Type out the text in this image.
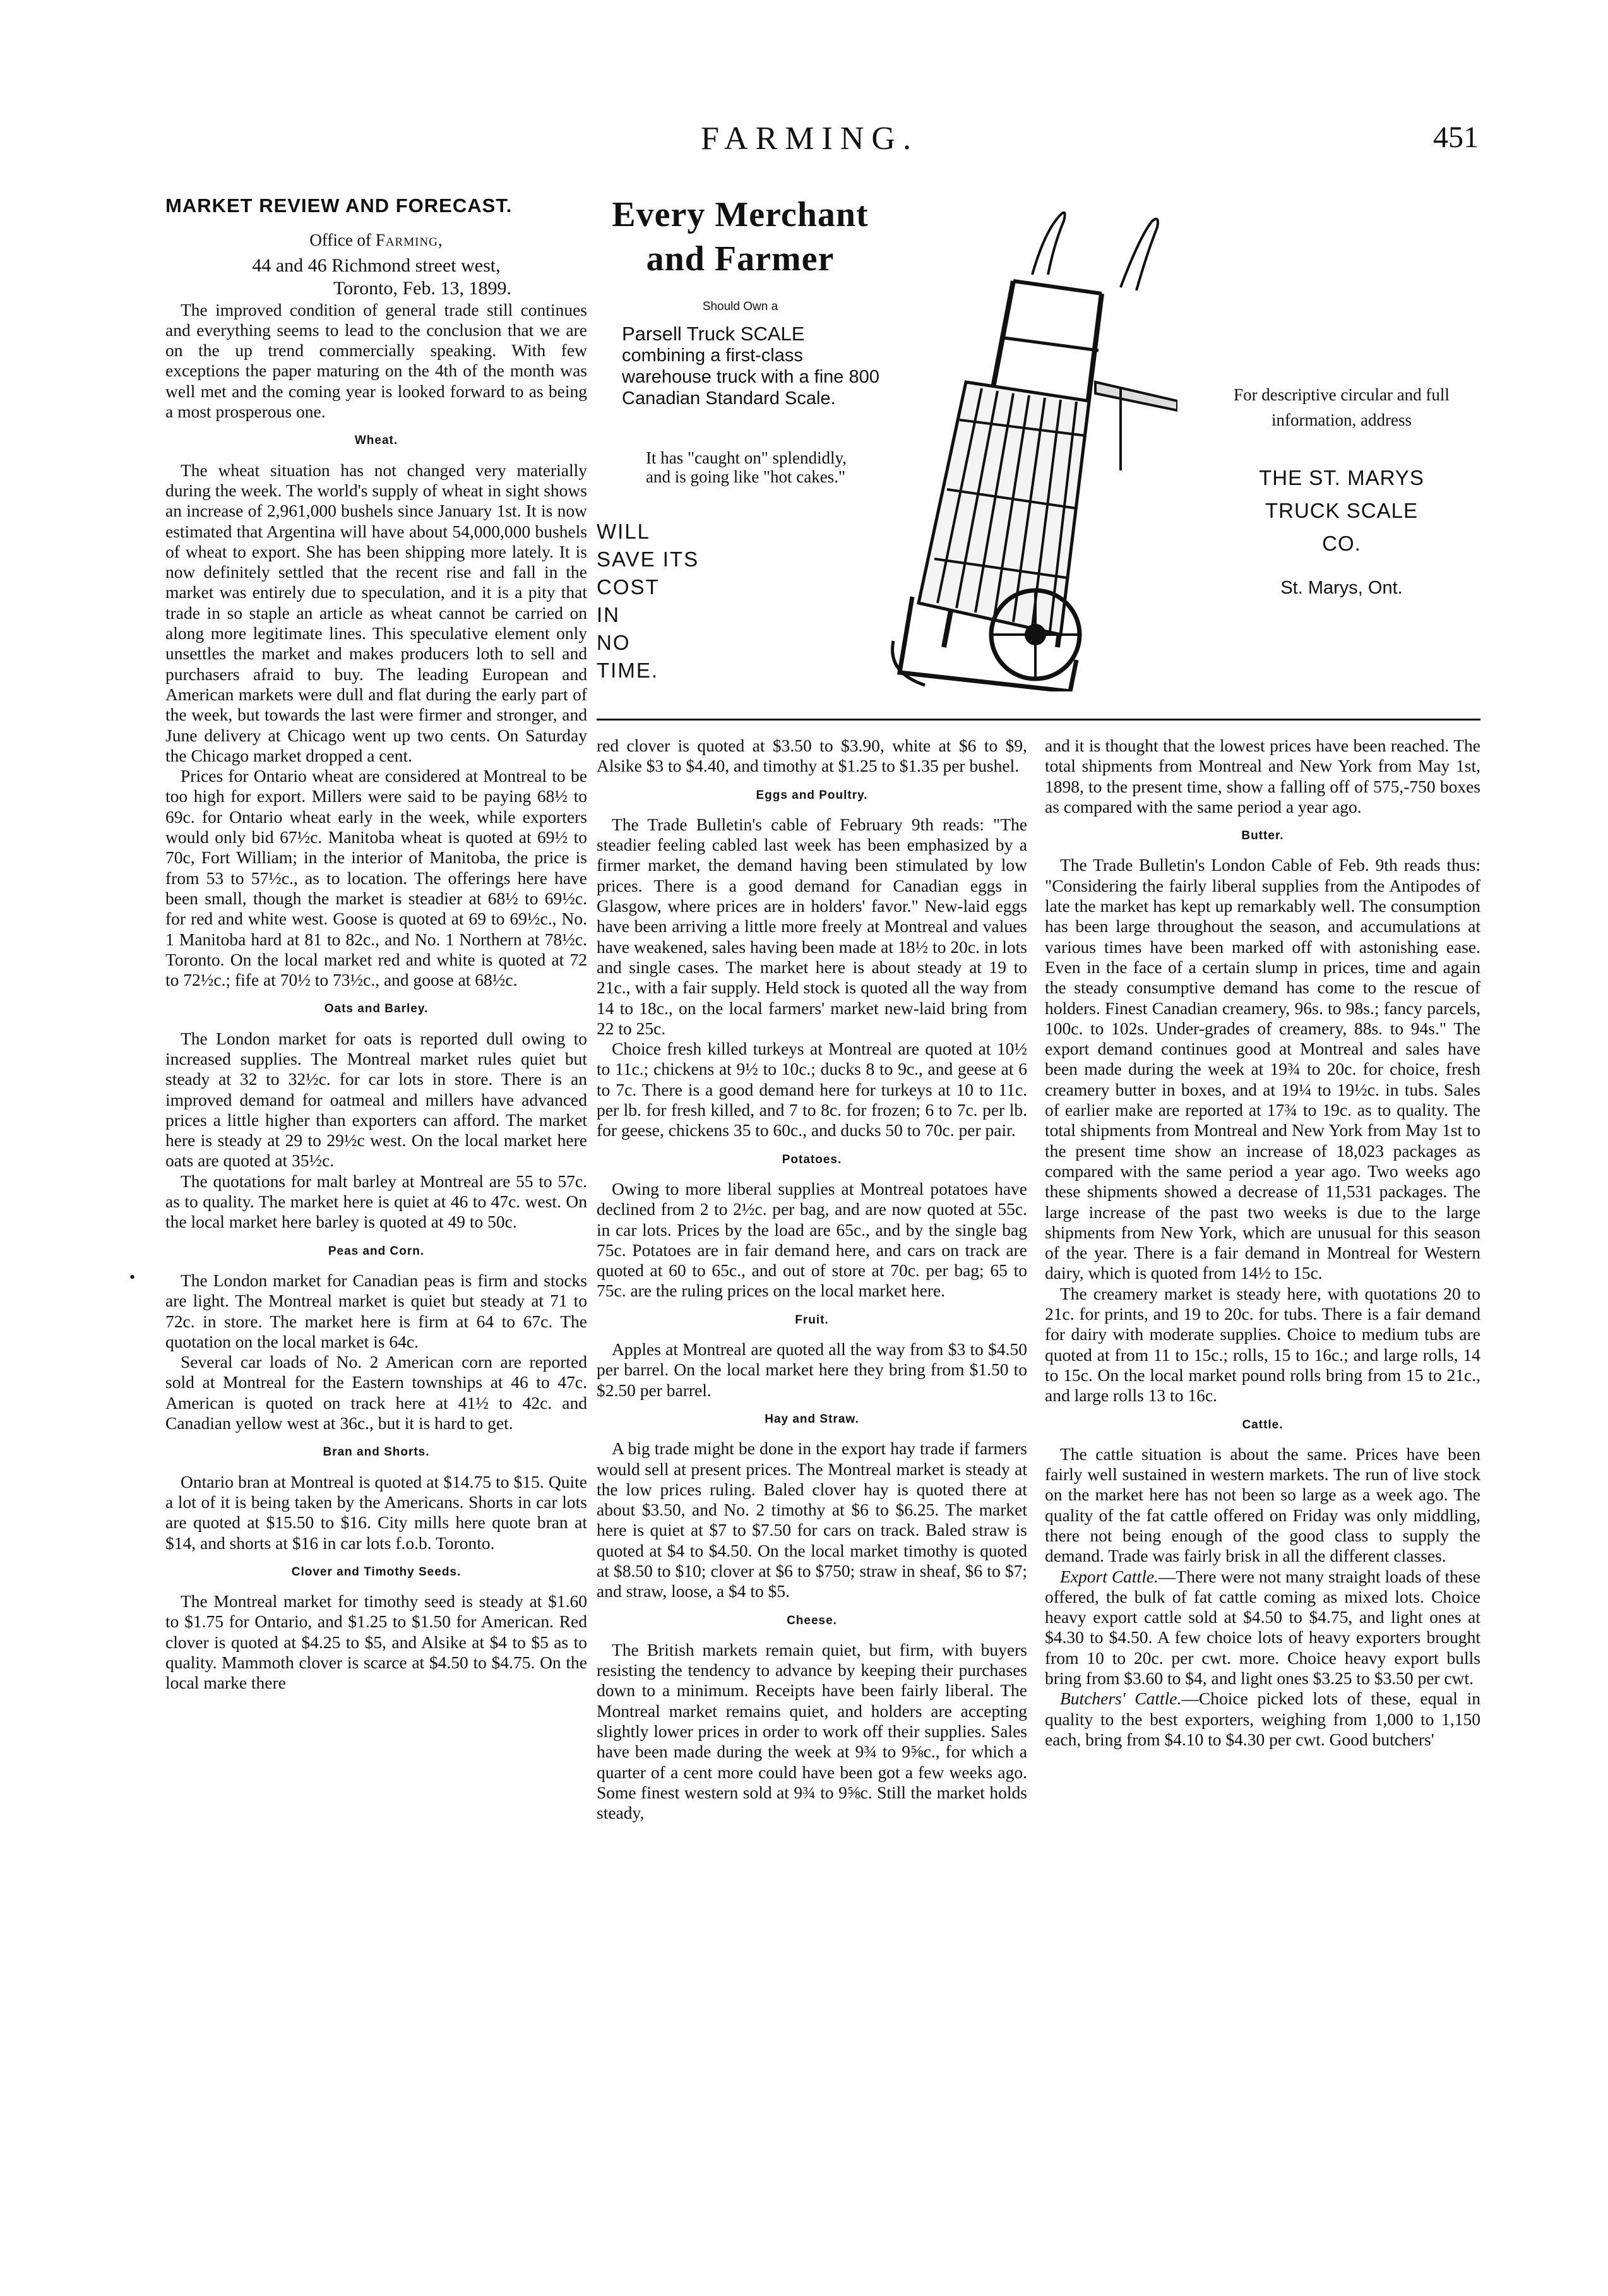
FARMING.	451
MARKET REVIEW AND FORECAST.
Office of Farming,
44 and 46 Richmond street west,
Toronto, Feb. 13, 1899.

The improved condition of general trade still continues and everything seems to lead to the conclusion that we are on the up trend commercially speaking. With few exceptions the paper maturing on the 4th of the month was well met and the coming year is looked forward to as being a most prosperous one.

Wheat.

The wheat situation has not changed very materially during the week. The world's supply of wheat in sight shows an increase of 2,961,000 bushels since January 1st. It is now estimated that Argentina will have about 54,000,000 bushels of wheat to export. She has been shipping more lately. It is now definitely settled that the recent rise and fall in the market was entirely due to speculation, and it is a pity that trade in so staple an article as wheat cannot be carried on along more legitimate lines. This speculative element only unsettles the market and makes producers loth to sell and purchasers afraid to buy. The leading European and American markets were dull and flat during the early part of the week, but towards the last were firmer and stronger, and June delivery at Chicago went up two cents. On Saturday the Chicago market dropped a cent.

Prices for Ontario wheat are considered at Montreal to be too high for export. Millers were said to be paying 68½ to 69c. for Ontario wheat early in the week, while exporters would only bid 67½c. Manitoba wheat is quoted at 69½ to 70c, Fort William; in the interior of Manitoba, the price is from 53 to 57½c., as to location. The offerings here have been small, though the market is steadier at 68½ to 69½c. for red and white west. Goose is quoted at 69 to 69½c., No. 1 Manitoba hard at 81 to 82c., and No. 1 Northern at 78½c. Toronto. On the local market red and white is quoted at 72 to 72½c.; fife at 70½ to 73½c., and goose at 68½c.

Oats and Barley.

The London market for oats is reported dull owing to increased supplies. The Montreal market rules quiet but steady at 32 to 32½c. for car lots in store. There is an improved demand for oatmeal and millers have advanced prices a little higher than exporters can afford. The market here is steady at 29 to 29½c west. On the local market here oats are quoted at 35½c.

The quotations for malt barley at Montreal are 55 to 57c. as to quality. The market here is quiet at 46 to 47c. west. On the local market here barley is quoted at 49 to 50c.

Peas and Corn.

The London market for Canadian peas is firm and stocks are light. The Montreal market is quiet but steady at 71 to 72c. in store. The market here is firm at 64 to 67c. The quotation on the local market is 64c.

Several car loads of No. 2 American corn are reported sold at Montreal for the Eastern townships at 46 to 47c. American is quoted on track here at 41½ to 42c. and Canadian yellow west at 36c., but it is hard to get.

Bran and Shorts.

Ontario bran at Montreal is quoted at $14.75 to $15. Quite a lot of it is being taken by the Americans. Shorts in car lots are quoted at $15.50 to $16. City mills here quote bran at $14, and shorts at $16 in car lots f.o.b. Toronto.

Clover and Timothy Seeds.

The Montreal market for timothy seed is steady at $1.60 to $1.75 for Ontario, and $1.25 to $1.50 for American. Red clover is quoted at $4.25 to $5, and Alsike at $4 to $5 as to quality. Mammoth clover is scarce at $4.50 to $4.75. On the local marke there

•
Every Merchant
and Farmer
Should Own a
Parsell Truck SCALE
combining a first-class warehouse truck with a fine 800 Canadian Standard Scale.
It has "caught on" splendidly, and is going like "hot cakes."
WILL
SAVE ITS
COST
IN
NO
TIME.
For descriptive circular and full information, address
THE ST. MARYS
TRUCK SCALE
CO.
St. Marys, Ont.

red clover is quoted at $3.50 to $3.90, white at $6 to $9, Alsike $3 to $4.40, and timothy at $1.25 to $1.35 per bushel.

Eggs and Poultry.

The Trade Bulletin's cable of February 9th reads: "The steadier feeling cabled last week has been emphasized by a firmer market, the demand having been stimulated by low prices. There is a good demand for Canadian eggs in Glasgow, where prices are in holders' favor." New-laid eggs have been arriving a little more freely at Montreal and values have weakened, sales having been made at 18½ to 20c. in lots and single cases. The market here is about steady at 19 to 21c., with a fair supply. Held stock is quoted all the way from 14 to 18c., on the local farmers' market new-laid bring from 22 to 25c.

Choice fresh killed turkeys at Montreal are quoted at 10½ to 11c.; chickens at 9½ to 10c.; ducks 8 to 9c., and geese at 6 to 7c. There is a good demand here for turkeys at 10 to 11c. per lb. for fresh killed, and 7 to 8c. for frozen; 6 to 7c. per lb. for geese, chickens 35 to 60c., and ducks 50 to 70c. per pair.

Potatoes.

Owing to more liberal supplies at Montreal potatoes have declined from 2 to 2½c. per bag, and are now quoted at 55c. in car lots. Prices by the load are 65c., and by the single bag 75c. Potatoes are in fair demand here, and cars on track are quoted at 60 to 65c., and out of store at 70c. per bag; 65 to 75c. are the ruling prices on the local market here.

Fruit.

Apples at Montreal are quoted all the way from $3 to $4.50 per barrel. On the local market here they bring from $1.50 to $2.50 per barrel.

Hay and Straw.

A big trade might be done in the export hay trade if farmers would sell at present prices. The Montreal market is steady at the low prices ruling. Baled clover hay is quoted there at about $3.50, and No. 2 timothy at $6 to $6.25. The market here is quiet at $7 to $7.50 for cars on track. Baled straw is quoted at $4 to $4.50. On the local market timothy is quoted at $8.50 to $10; clover at $6 to $750; straw in sheaf, $6 to $7; and straw, loose, a $4 to $5.

Cheese.

The British markets remain quiet, but firm, with buyers resisting the tendency to advance by keeping their purchases down to a minimum. Receipts have been fairly liberal. The Montreal market remains quiet, and holders are accepting slightly lower prices in order to work off their supplies. Sales have been made during the week at 9¾ to 9⅝c., for which a quarter of a cent more could have been got a few weeks ago. Some finest western sold at 9¾ to 9⅝c. Still the market holds steady,

and it is thought that the lowest prices have been reached. The total shipments from Montreal and New York from May 1st, 1898, to the present time, show a falling off of 575,-750 boxes as compared with the same period a year ago.

Butter.

The Trade Bulletin's London Cable of Feb. 9th reads thus: "Considering the fairly liberal supplies from the Antipodes of late the market has kept up remarkably well. The consumption has been large throughout the season, and accumulations at various times have been marked off with astonishing ease. Even in the face of a certain slump in prices, time and again the steady consumptive demand has come to the rescue of holders. Finest Canadian creamery, 96s. to 98s.; fancy parcels, 100c. to 102s. Under-grades of creamery, 88s. to 94s." The export demand continues good at Montreal and sales have been made during the week at 19¾ to 20c. for choice, fresh creamery butter in boxes, and at 19¼ to 19½c. in tubs. Sales of earlier make are reported at 17¾ to 19c. as to quality. The total shipments from Montreal and New York from May 1st to the present time show an increase of 18,023 packages as compared with the same period a year ago. Two weeks ago these shipments showed a decrease of 11,531 packages. The large increase of the past two weeks is due to the large shipments from New York, which are unusual for this season of the year. There is a fair demand in Montreal for Western dairy, which is quoted from 14½ to 15c.

The creamery market is steady here, with quotations 20 to 21c. for prints, and 19 to 20c. for tubs. There is a fair demand for dairy with moderate supplies. Choice to medium tubs are quoted at from 11 to 15c.; rolls, 15 to 16c.; and large rolls, 14 to 15c. On the local market pound rolls bring from 15 to 21c., and large rolls 13 to 16c.

Cattle.

The cattle situation is about the same. Prices have been fairly well sustained in western markets. The run of live stock on the market here has not been so large as a week ago. The quality of the fat cattle offered on Friday was only middling, there not being enough of the good class to supply the demand. Trade was fairly brisk in all the different classes.

Export Cattle.—There were not many straight loads of these offered, the bulk of fat cattle coming as mixed lots. Choice heavy export cattle sold at $4.50 to $4.75, and light ones at $4.30 to $4.50. A few choice lots of heavy exporters brought from 10 to 20c. per cwt. more. Choice heavy export bulls bring from $3.60 to $4, and light ones $3.25 to $3.50 per cwt.

Butchers' Cattle.—Choice picked lots of these, equal in quality to the best exporters, weighing from 1,000 to 1,150 each, bring from $4.10 to $4.30 per cwt. Good butchers'
